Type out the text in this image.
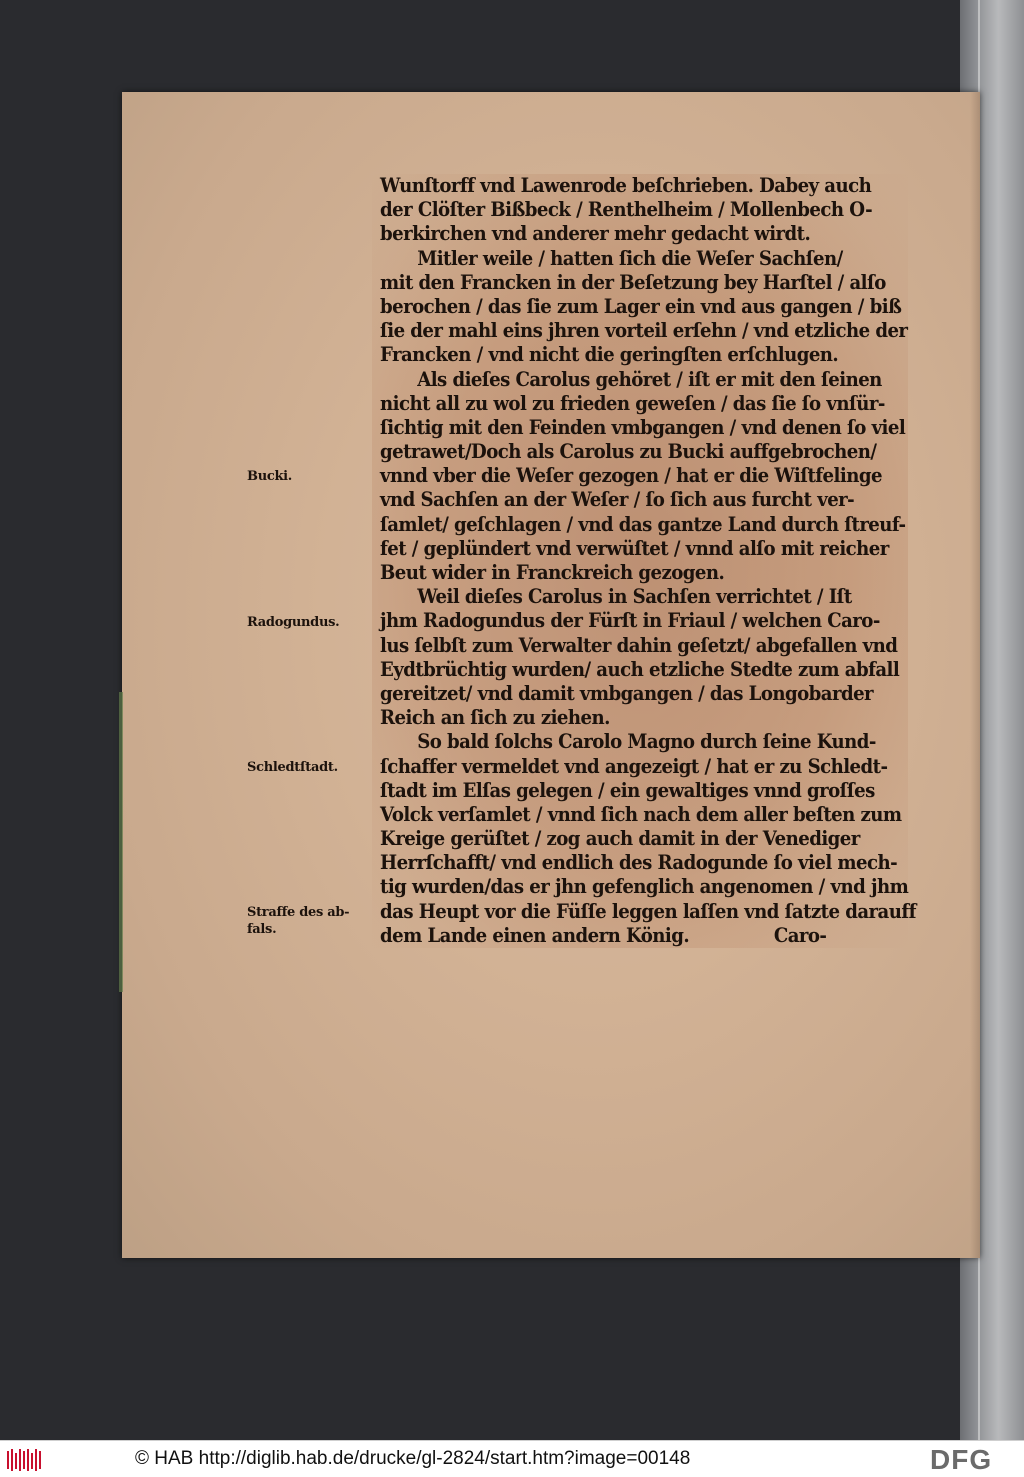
Wunſtorff vnd Lawenrode beſchrieben. Dabey auch
der Clöſter Bißbeck / Renthelheim / Mollenbech O-
berkirchen vnd anderer mehr gedacht wirdt.
Mitler weile / hatten ſich die Weſer Sachſen/
mit den Francken in der Beſetzung bey Harſtel / alſo
berochen / das ſie zum Lager ein vnd aus gangen / biß
ſie der mahl eins jhren vorteil erſehn / vnd etzliche der
Francken / vnd nicht die geringſten erſchlugen.
Als dieſes Carolus gehöret / iſt er mit den ſeinen
nicht all zu wol zu frieden geweſen / das ſie ſo vnſür-
ſichtig mit den Feinden vmbgangen / vnd denen ſo viel
getrawet/Doch als Carolus zu Bucki auffgebrochen/
vnnd vber die Weſer gezogen / hat er die Wiſtfelinge
vnd Sachſen an der Weſer / ſo ſich aus furcht ver-
ſamlet/ geſchlagen / vnd das gantze Land durch ſtreuf-
fet / geplündert vnd verwüſtet / vnnd alſo mit reicher
Beut wider in Franckreich gezogen.
Weil dieſes Carolus in Sachſen verrichtet / Iſt
jhm Radogundus der Fürſt in Friaul / welchen Caro-
lus ſelbſt zum Verwalter dahin geſetzt/ abgefallen vnd
Eydtbrüchtig wurden/ auch etzliche Stedte zum abfall
gereitzet/ vnd damit vmbgangen / das Longobarder
Reich an ſich zu ziehen.
So bald ſolchs Carolo Magno durch ſeine Kund-
ſchaffer vermeldet vnd angezeigt / hat er zu Schledt-
ſtadt im Elſas gelegen / ein gewaltiges vnnd groſſes
Volck verſamlet / vnnd ſich nach dem aller beſten zum
Kreige gerüſtet / zog auch damit in der Venediger
Herrſchafft/ vnd endlich des Radogunde ſo viel mech-
tig wurden/das er jhn gefenglich angenomen / vnd jhm
das Heupt vor die Füſſe leggen laſſen vnd ſatzte darauff
dem Lande einen andern König.	Caro-
Bucki.
Radogundus.
Schledtſtadt.
Straffe des ab-
fals.
© HAB http://diglib.hab.de/drucke/gl-2824/start.htm?image=00148	DFG
